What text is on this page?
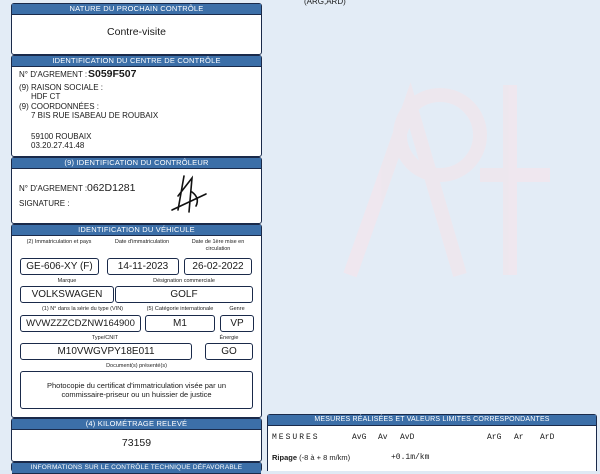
NATURE DU PROCHAIN CONTRÔLE
Contre-visite
IDENTIFICATION DU CENTRE DE CONTRÔLE
N° D'AGREMENT : S059F507
(9) RAISON SOCIALE :
HDF CT
(9) COORDONNÉES :
7 BIS RUE ISABEAU DE ROUBAIX
59100 ROUBAIX
03.20.27.41.48
(9) IDENTIFICATION DU CONTRÔLEUR
N° D'AGREMENT : 062D1281
SIGNATURE :
IDENTIFICATION DU VÉHICULE
(2) Immatriculation et pays	Date d'immatriculation	Date de 1ère mise en circulation
GE-606-XY (F)	14-11-2023	26-02-2022
Marque	Désignation commerciale
VOLKSWAGEN	GOLF
(1) N° dans la série du type (VIN)	(5) Catégorie internationale	Genre
WVWZZZCDZNW164900	M1	VP
Type/CNIT	Énergie
M10VWGVPY18E011	GO
Document(s) présenté(s)
Photocopie du certificat d'immatriculation visée par un commissaire-priseur ou un huissier de justice
(4) KILOMÉTRAGE RELEVÉ
73159
INFORMATIONS SUR LE CONTRÔLE TECHNIQUE DÉFAVORABLE
(ARG,ARD)
MESURES RÉALISÉES ET VALEURS LIMITES CORRESPONDANTES
MESURES	AvG Av AvD	ArG Ar ArD
Ripage (-8 à + 8 m/km)	+0.1m/km
